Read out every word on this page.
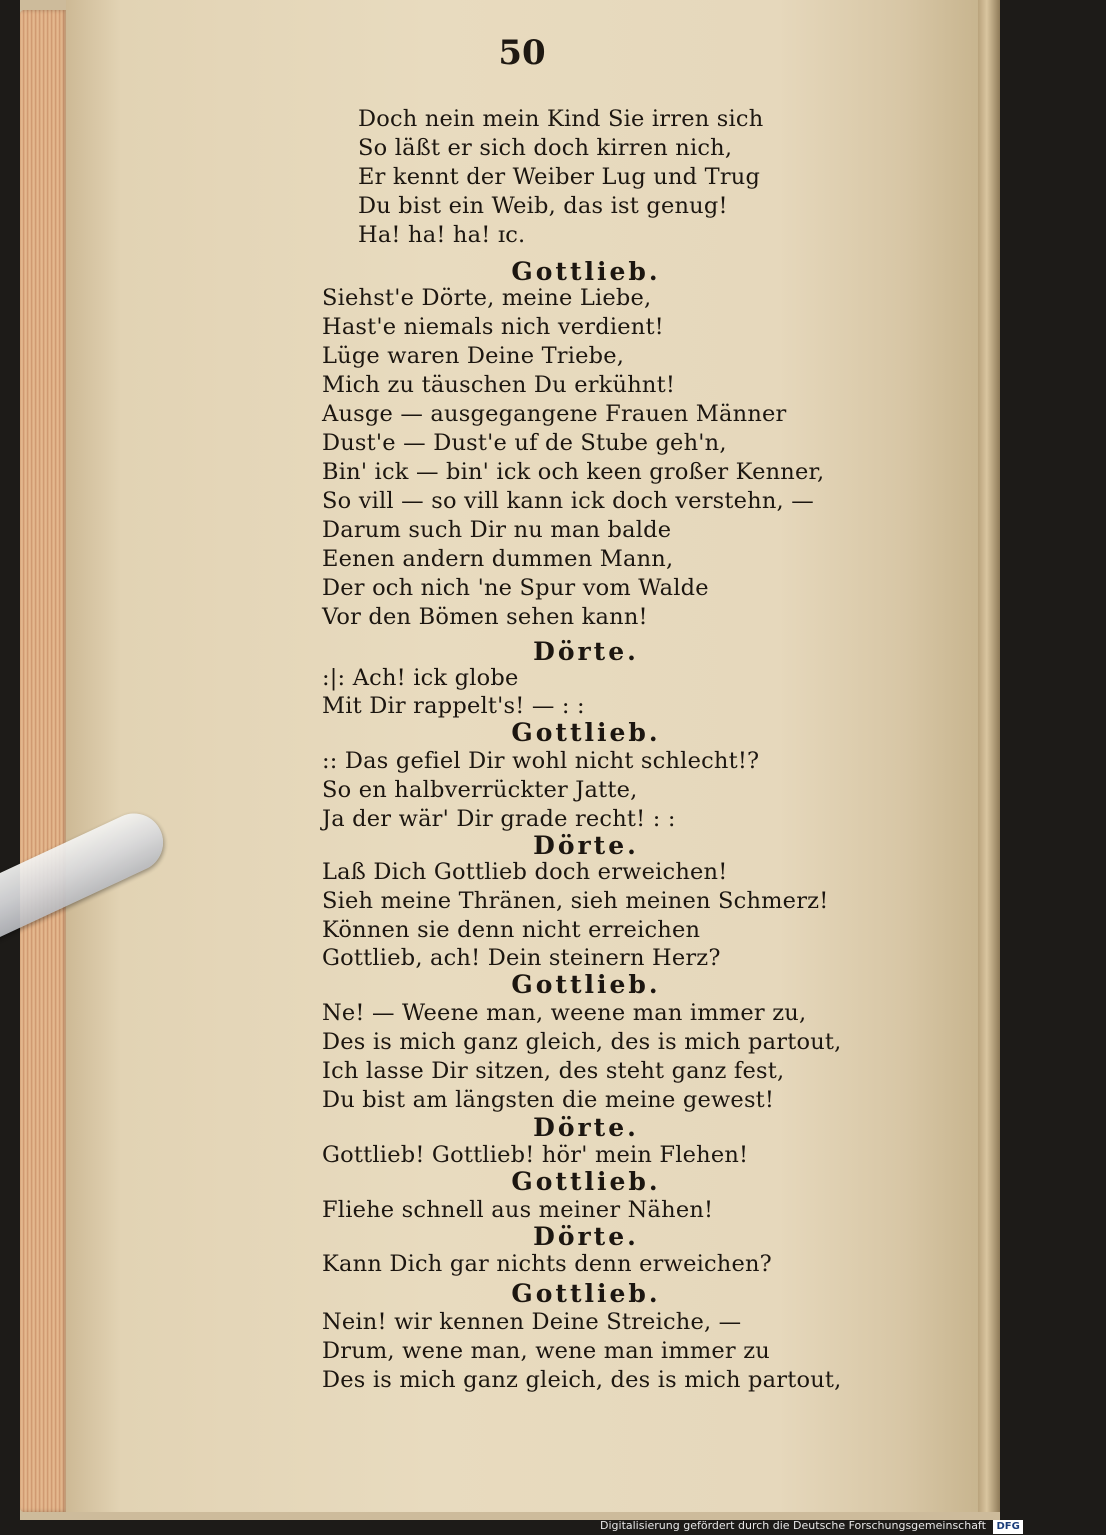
50
Doch nein mein Kind Sie irren sich
So läßt er sich doch kirren nich,
Er kennt der Weiber Lug und Trug
Du bist ein Weib, das ist genug!
Ha! ha! ha! ɪc.
Gottlieb.
Siehst'e Dörte, meine Liebe,
Hast'e niemals nich verdient!
Lüge waren Deine Triebe,
Mich zu täuschen Du erkühnt!
Ausge — ausgegangene Frauen Männer
Dust'e — Dust'e uf de Stube geh'n,
Bin' ick — bin' ick och keen großer Kenner,
So vill — so vill kann ick doch verstehn, —
Darum such Dir nu man balde
Eenen andern dummen Mann,
Der och nich 'ne Spur vom Walde
Vor den Bömen sehen kann!
Dörte.
:|: Ach! ick globe
Mit Dir rappelt's! — : :
Gottlieb.
:: Das gefiel Dir wohl nicht schlecht!?
So en halbverrückter Jatte,
Ja der wär' Dir grade recht! : :
Dörte.
Laß Dich Gottlieb doch erweichen!
Sieh meine Thränen, sieh meinen Schmerz!
Können sie denn nicht erreichen
Gottlieb, ach! Dein steinern Herz?
Gottlieb.
Ne! — Weene man, weene man immer zu,
Des is mich ganz gleich, des is mich partout,
Ich lasse Dir sitzen, des steht ganz fest,
Du bist am längsten die meine gewest!
Dörte.
Gottlieb! Gottlieb! hör' mein Flehen!
Gottlieb.
Fliehe schnell aus meiner Nähen!
Dörte.
Kann Dich gar nichts denn erweichen?
Gottlieb.
Nein! wir kennen Deine Streiche, —
Drum, wene man, wene man immer zu
Des is mich ganz gleich, des is mich partout,
Digitalisierung gefördert durch die Deutsche Forschungsgemeinschaft DFG
